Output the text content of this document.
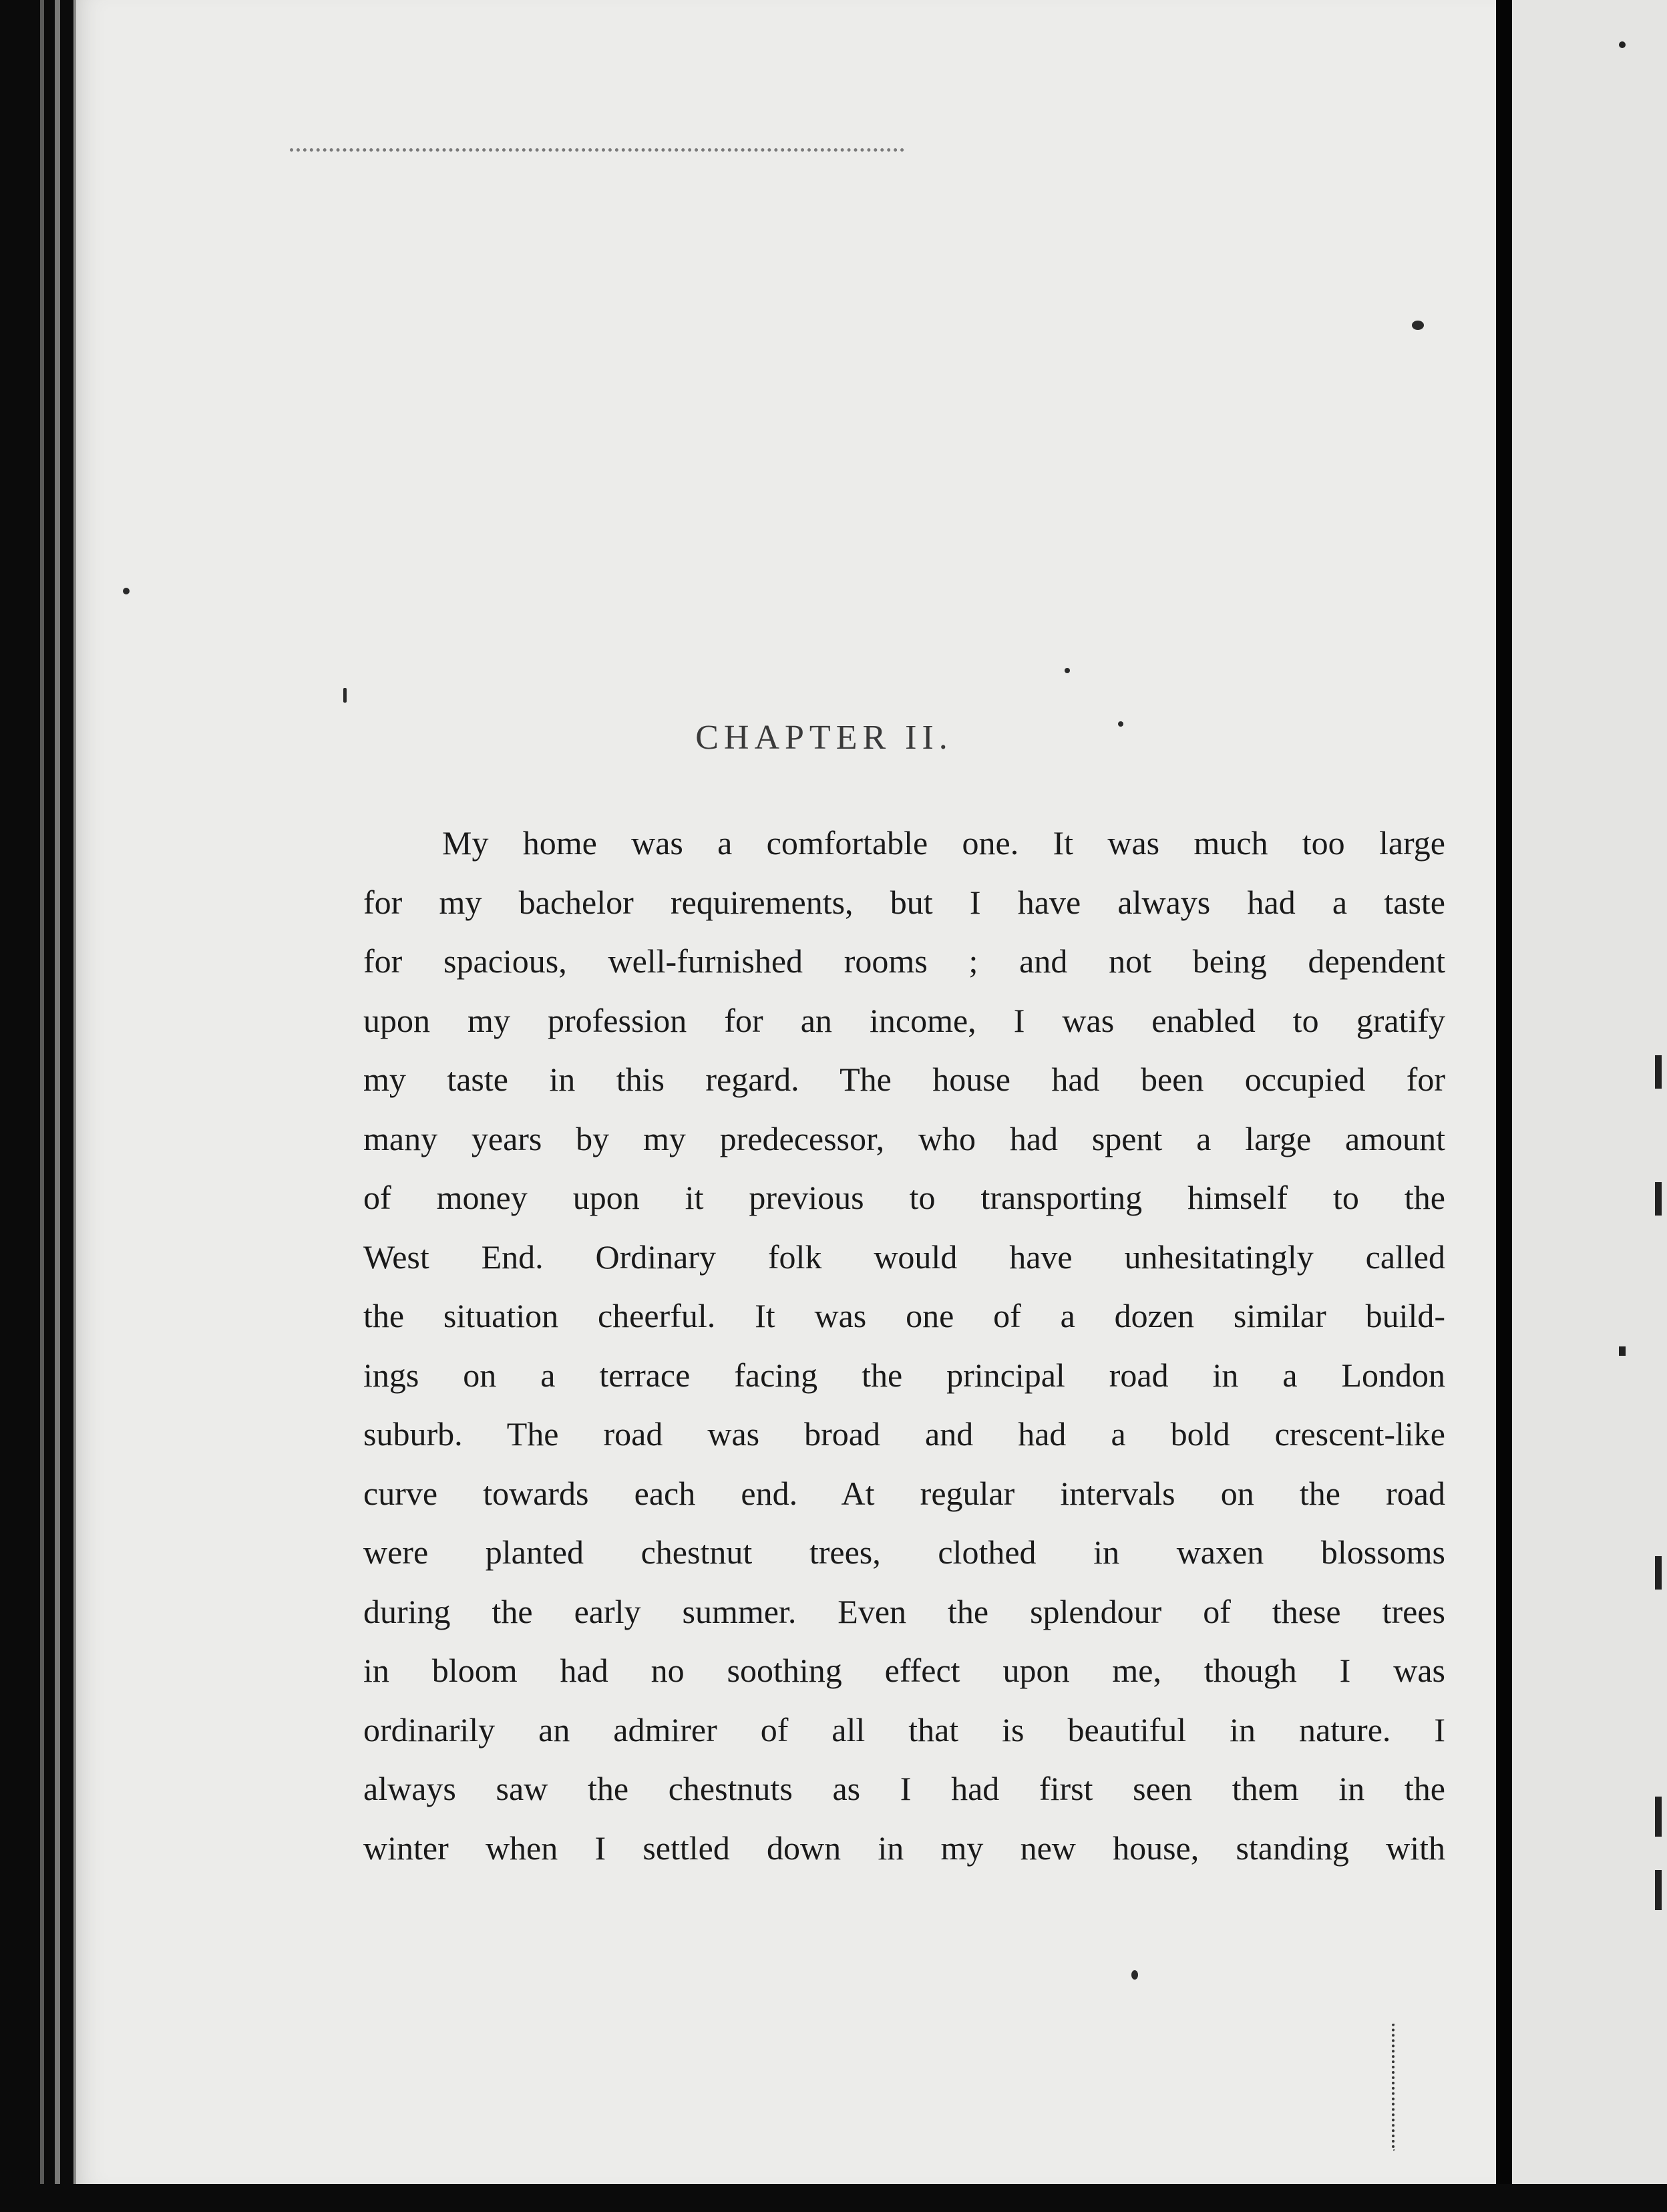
CHAPTER II.
My home was a comfortable one. It was much too large
for my bachelor requirements, but I have always had a taste
for spacious, well-furnished rooms ; and not being dependent
upon my profession for an income, I was enabled to gratify
my taste in this regard. The house had been occupied for
many years by my predecessor, who had spent a large amount
of money upon it previous to transporting himself to the
West End. Ordinary folk would have unhesitatingly called
the situation cheerful. It was one of a dozen similar build-
ings on a terrace facing the principal road in a London
suburb. The road was broad and had a bold crescent-like
curve towards each end. At regular intervals on the road
were planted chestnut trees, clothed in waxen blossoms
during the early summer. Even the splendour of these trees
in bloom had no soothing effect upon me, though I was
ordinarily an admirer of all that is beautiful in nature. I
always saw the chestnuts as I had first seen them in the
winter when I settled down in my new house, standing with
